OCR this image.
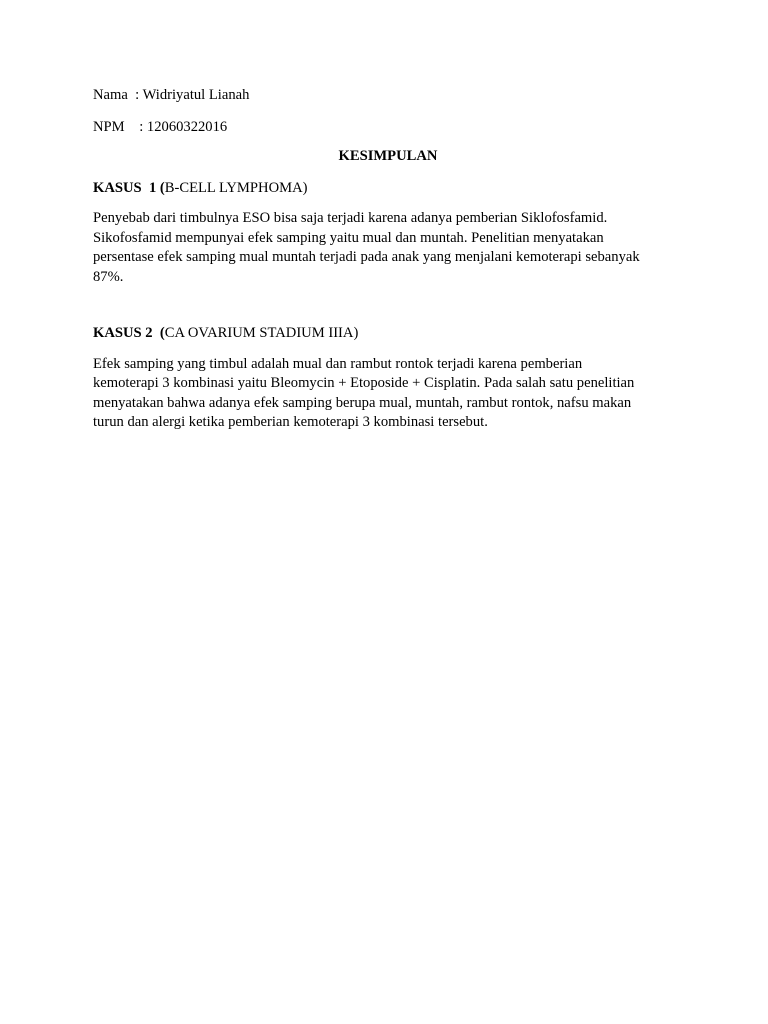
Nama : Widriyatul Lianah
NPM : 12060322016
KESIMPULAN
KASUS  1 (B-CELL LYMPHOMA)
Penyebab dari timbulnya ESO bisa saja terjadi karena adanya pemberian Siklofosfamid.
Sikofosfamid mempunyai efek samping yaitu mual dan muntah. Penelitian menyatakan
persentase efek samping mual muntah terjadi pada anak yang menjalani kemoterapi sebanyak
87%.
KASUS 2  (CA OVARIUM STADIUM IIIA)
Efek samping yang timbul adalah mual dan rambut rontok terjadi karena pemberian
kemoterapi 3 kombinasi yaitu Bleomycin + Etoposide + Cisplatin. Pada salah satu penelitian
menyatakan bahwa adanya efek samping berupa mual, muntah, rambut rontok, nafsu makan
turun dan alergi ketika pemberian kemoterapi 3 kombinasi tersebut.
